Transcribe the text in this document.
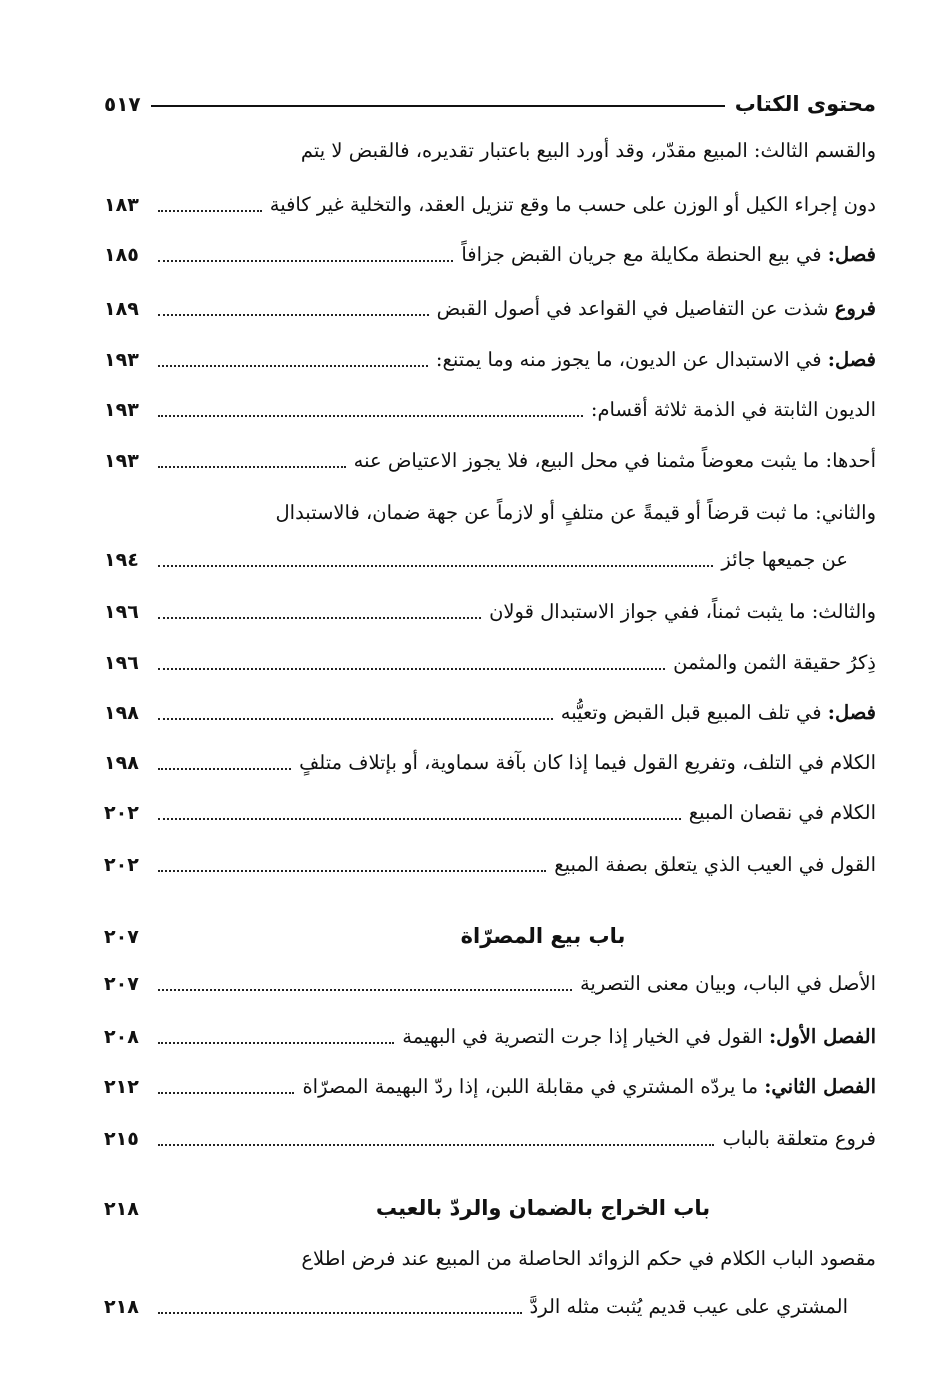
محتوى الكتاب
٥١٧
والقسم الثالث: المبيع مقدّر، وقد أورد البيع باعتبار تقديره، فالقبض لا يتم
دون إجراء الكيل أو الوزن على حسب ما وقع تنزيل العقد، والتخلية غير كافية
١٨٣
فصل: في بيع الحنطة مكايلة مع جريان القبض جزافاً
١٨٥
فروع شذت عن التفاصيل في القواعد في أصول القبض
١٨٩
فصل: في الاستبدال عن الديون، ما يجوز منه وما يمتنع:
١٩٣
الديون الثابتة في الذمة ثلاثة أقسام:
١٩٣
أحدها: ما يثبت معوضاً مثمنا في محل البيع، فلا يجوز الاعتياض عنه
١٩٣
والثاني: ما ثبت قرضاً أو قيمةً عن متلفٍ أو لازماً عن جهة ضمان، فالاستبدال
عن جميعها جائز
١٩٤
والثالث: ما يثبت ثمناً، ففي جواز الاستبدال قولان
١٩٦
ذِكرُ حقيقة الثمن والمثمن
١٩٦
فصل: في تلف المبيع قبل القبض وتعيُّبه
١٩٨
الكلام في التلف، وتفريع القول فيما إذا كان بآفة سماوية، أو بإتلاف متلفٍ
١٩٨
الكلام في نقصان المبيع
٢٠٢
القول في العيب الذي يتعلق بصفة المبيع
٢٠٢
باب بيع المصرّاة
٢٠٧
الأصل في الباب، وبيان معنى التصرية
٢٠٧
الفصل الأول: القول في الخيار إذا جرت التصرية في البهيمة
٢٠٨
الفصل الثاني: ما يردّه المشتري في مقابلة اللبن، إذا ردّ البهيمة المصرّاة
٢١٢
فروع متعلقة بالباب
٢١٥
باب الخراج بالضمان والردّ بالعيب
٢١٨
مقصود الباب الكلام في حكم الزوائد الحاصلة من المبيع عند فرض اطلاع
المشتري على عيب قديم يُثبت مثله الردَّ
٢١٨
